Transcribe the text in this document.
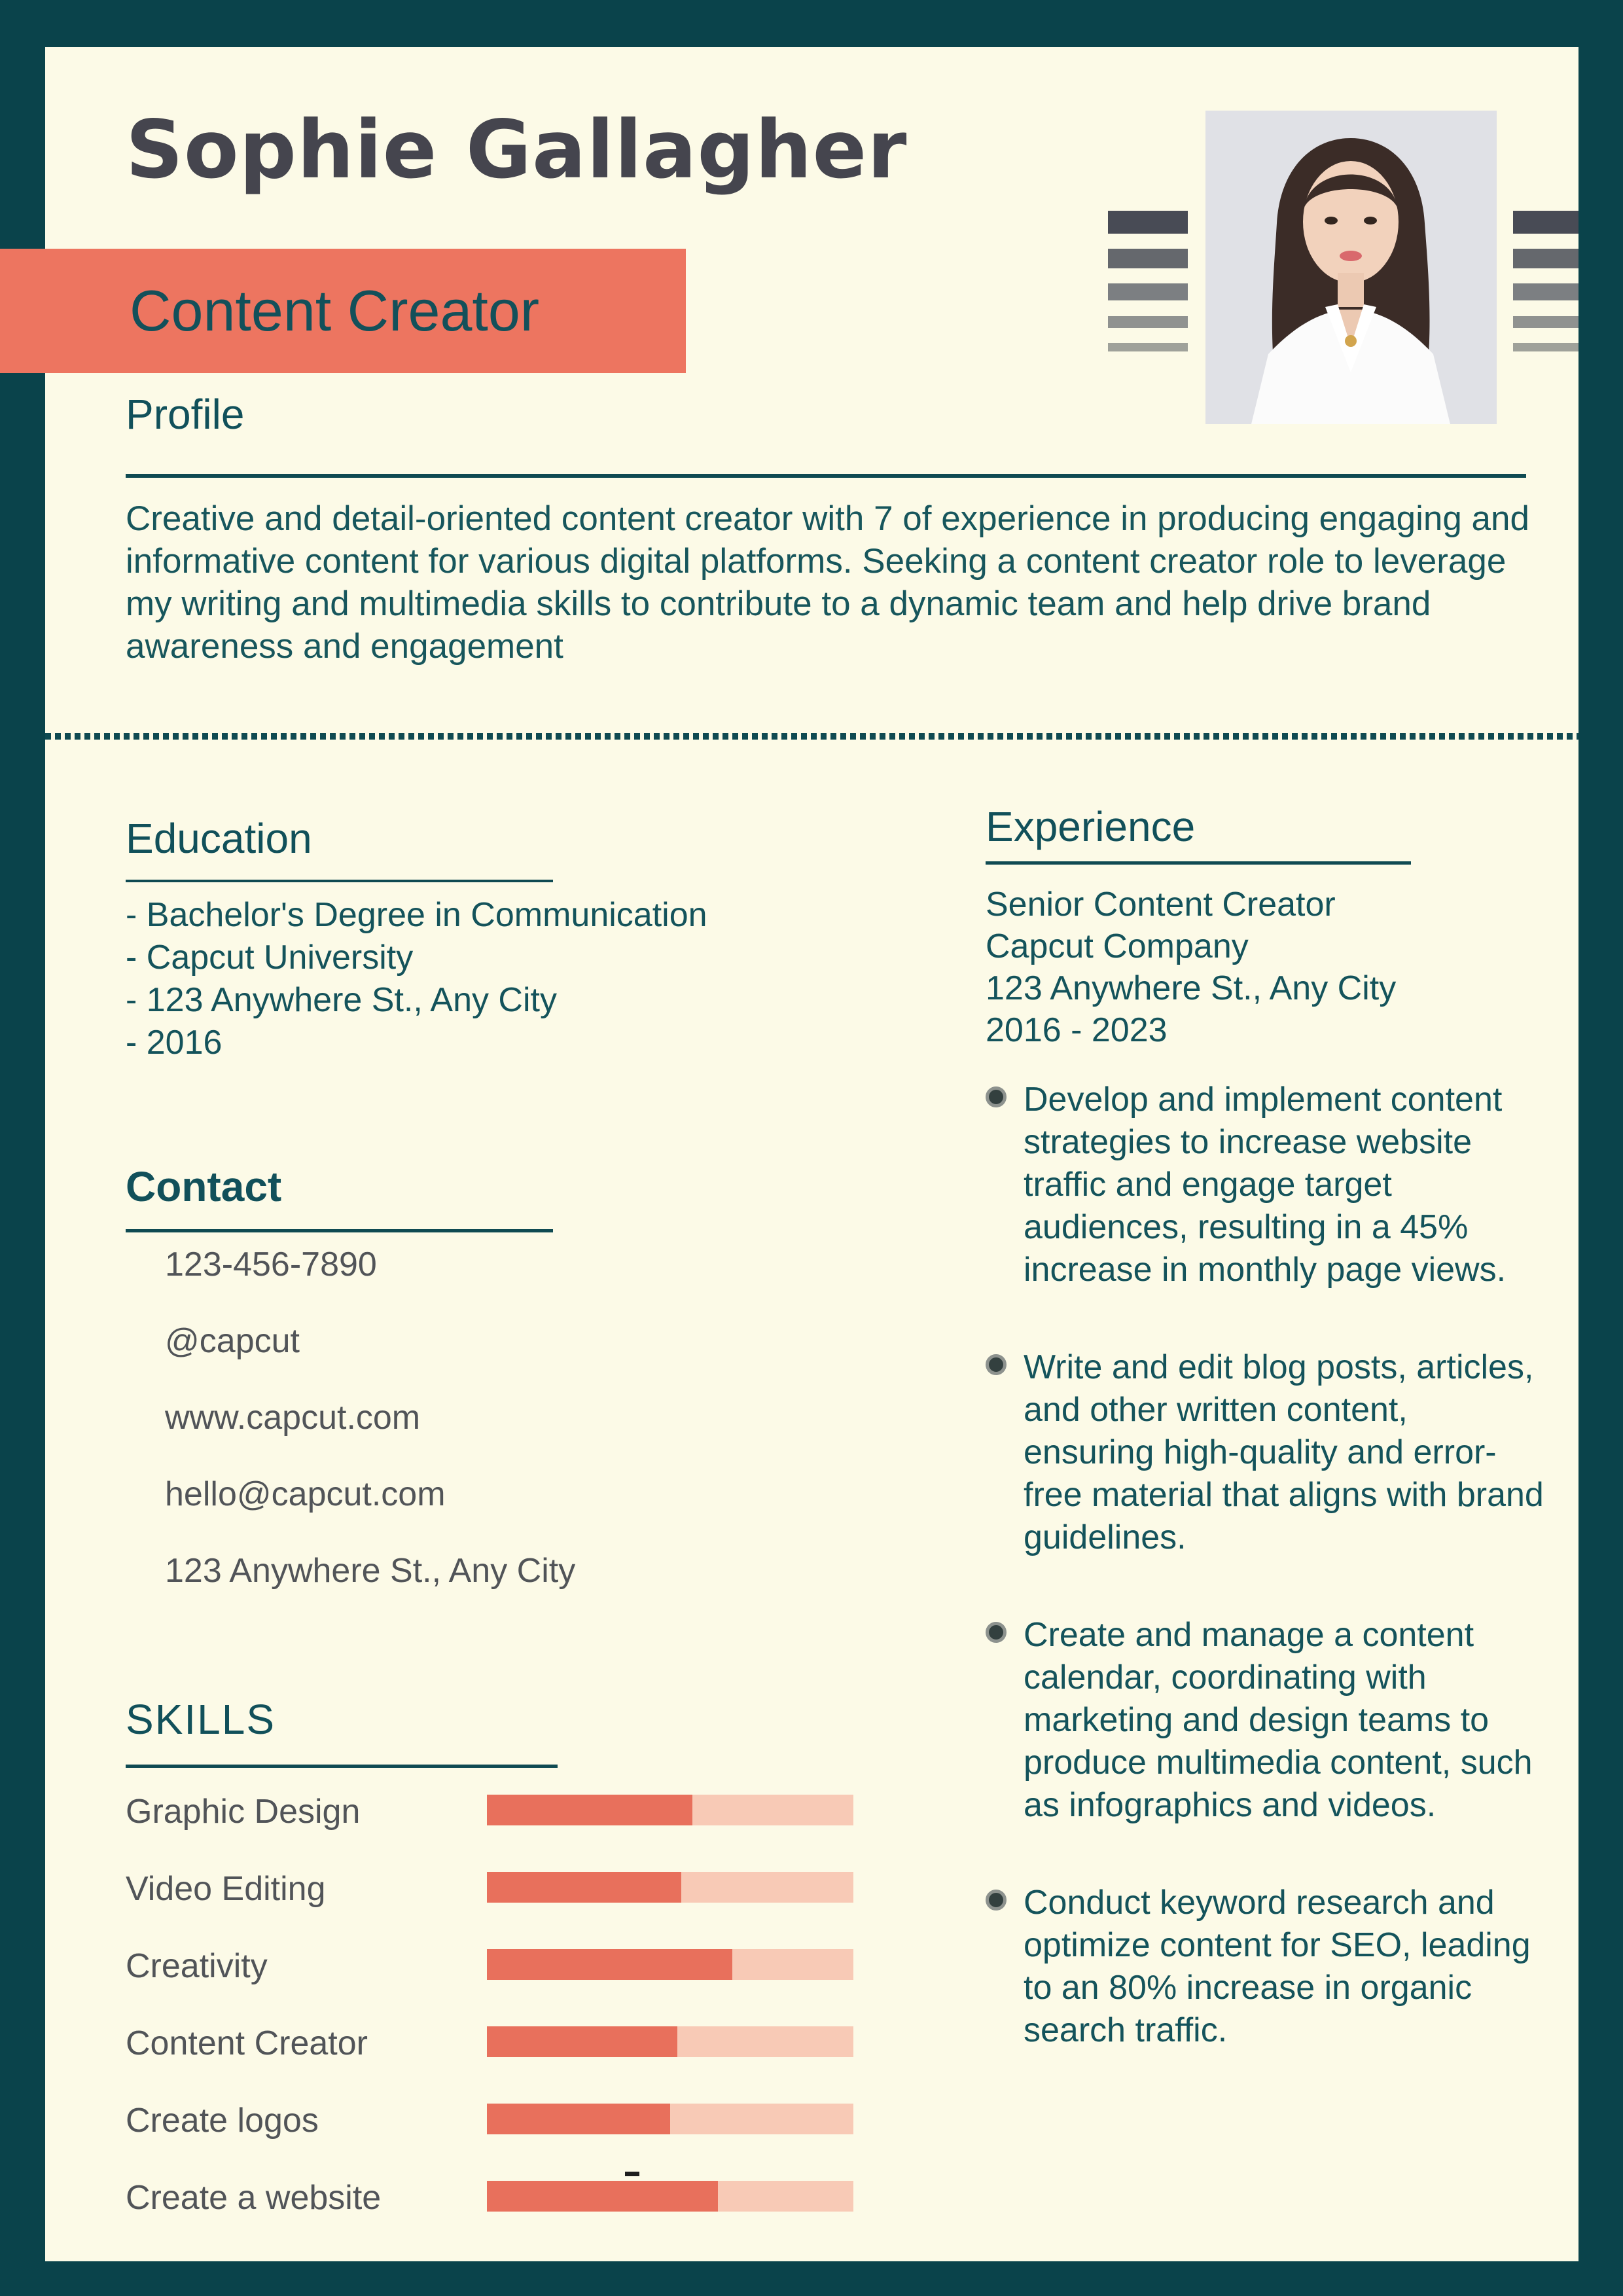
Sophie Gallagher
Content Creator
Profile
Creative and detail-oriented content creator with 7 of experience in producing engaging and informative content for various digital platforms. Seeking a content creator role to leverage my writing and multimedia skills to contribute to a dynamic team and help drive brand awareness and engagement
Education
- Bachelor's Degree in Communication
- Capcut University
- 123 Anywhere St., Any City
- 2016
Contact
123-456-7890
@capcut
www.capcut.com
hello@capcut.com
123 Anywhere St., Any City
SKILLS
Graphic Design
Video Editing
Creativity
Content Creator
Create logos
Create a website
Experience
Senior Content Creator
Capcut Company
123 Anywhere St., Any City
2016 - 2023

Develop and implement content strategies to increase website traffic and engage target audiences, resulting in a 45% increase in monthly page views.

Write and edit blog posts, articles, and other written content, ensuring high-quality and error-free material that aligns with brand guidelines.

Create and manage a content calendar, coordinating with marketing and design teams to produce multimedia content, such as infographics and videos.

Conduct keyword research and optimize content for SEO, leading to an 80% increase in organic search traffic.
